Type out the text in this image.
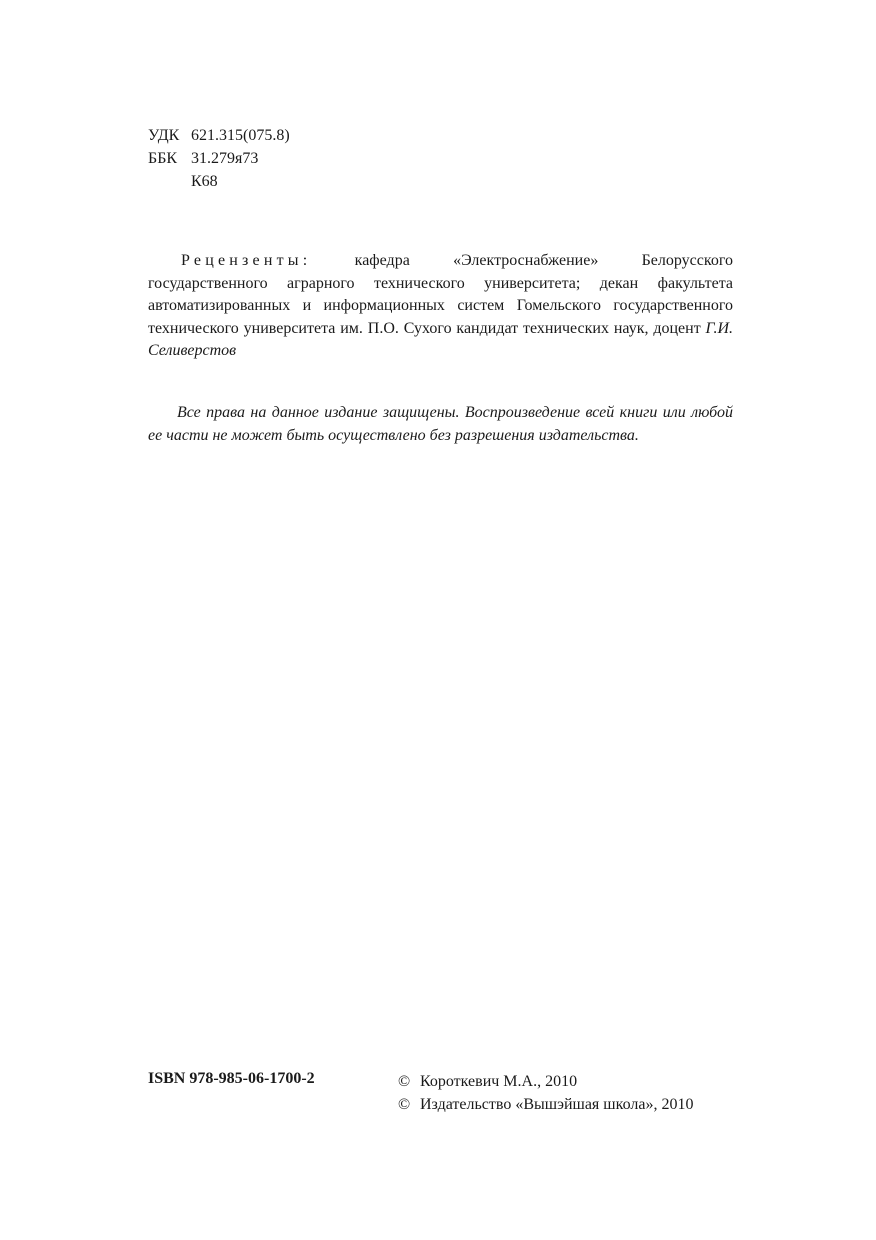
УДК 621.315(075.8)
ББК 31.279я73
К68
Рецензенты: кафедра «Электроснабжение» Белорусского государственного аграрного технического университета; декан факультета автоматизированных и информационных систем Гомельского государственного технического университета им. П.О. Сухого кандидат технических наук, доцент Г.И. Селиверстов
Все права на данное издание защищены. Воспроизведение всей книги или любой ее части не может быть осуществлено без разрешения издательства.
ISBN 978-985-06-1700-2	© Короткевич М.А., 2010
© Издательство «Вышэйшая школа», 2010
